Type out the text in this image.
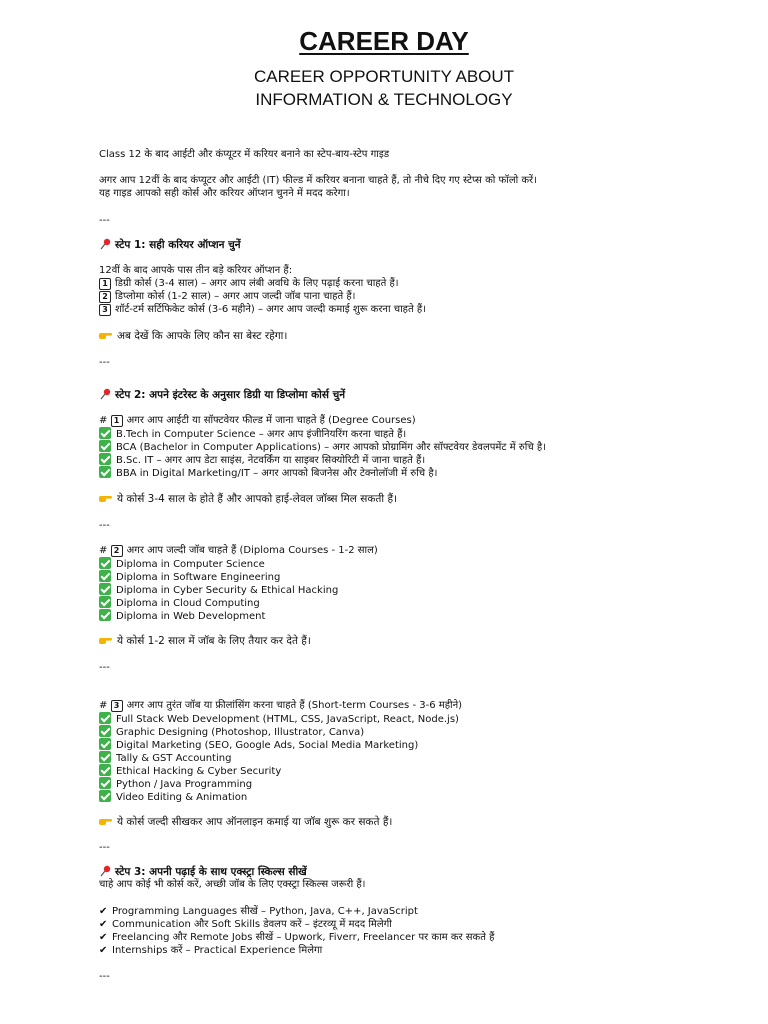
CAREER DAY
CAREER OPPORTUNITY ABOUT
INFORMATION & TECHNOLOGY
Class 12 के बाद आईटी और कंप्यूटर में करियर बनाने का स्टेप-बाय-स्टेप गाइड
अगर आप 12वीं के बाद कंप्यूटर और आईटी (IT) फील्ड में करियर बनाना चाहते हैं, तो नीचे दिए गए स्टेप्स को फॉलो करें।
यह गाइड आपको सही कोर्स और करियर ऑप्शन चुनने में मदद करेगा।
---
स्टेप 1: सही करियर ऑप्शन चुनें
12वीं के बाद आपके पास तीन बड़े करियर ऑप्शन हैं:
1 डिग्री कोर्स (3-4 साल) – अगर आप लंबी अवधि के लिए पढ़ाई करना चाहते हैं।
2 डिप्लोमा कोर्स (1-2 साल) – अगर आप जल्दी जॉब पाना चाहते हैं।
3 शॉर्ट-टर्म सर्टिफिकेट कोर्स (3-6 महीने) – अगर आप जल्दी कमाई शुरू करना चाहते हैं।
अब देखें कि आपके लिए कौन सा बेस्ट रहेगा।
---
स्टेप 2: अपने इंटरेस्ट के अनुसार डिग्री या डिप्लोमा कोर्स चुनें
# 1 अगर आप आईटी या सॉफ्टवेयर फील्ड में जाना चाहते हैं (Degree Courses)
B.Tech in Computer Science – अगर आप इंजीनियरिंग करना चाहते हैं।
BCA (Bachelor in Computer Applications) – अगर आपको प्रोग्रामिंग और सॉफ्टवेयर डेवलपमेंट में रुचि है।
B.Sc. IT – अगर आप डेटा साइंस, नेटवर्किंग या साइबर सिक्योरिटी में जाना चाहते हैं।
BBA in Digital Marketing/IT – अगर आपको बिजनेस और टेक्नोलॉजी में रुचि है।
ये कोर्स 3-4 साल के होते हैं और आपको हाई-लेवल जॉब्स मिल सकती हैं।
---
# 2 अगर आप जल्दी जॉब चाहते हैं (Diploma Courses - 1-2 साल)
Diploma in Computer Science
Diploma in Software Engineering
Diploma in Cyber Security & Ethical Hacking
Diploma in Cloud Computing
Diploma in Web Development
ये कोर्स 1-2 साल में जॉब के लिए तैयार कर देते हैं।
---
# 3 अगर आप तुरंत जॉब या फ्रीलांसिंग करना चाहते हैं (Short-term Courses - 3-6 महीने)
Full Stack Web Development (HTML, CSS, JavaScript, React, Node.js)
Graphic Designing (Photoshop, Illustrator, Canva)
Digital Marketing (SEO, Google Ads, Social Media Marketing)
Tally & GST Accounting
Ethical Hacking & Cyber Security
Python / Java Programming
Video Editing & Animation
ये कोर्स जल्दी सीखकर आप ऑनलाइन कमाई या जॉब शुरू कर सकते हैं।
---
स्टेप 3: अपनी पढ़ाई के साथ एक्स्ट्रा स्किल्स सीखें
चाहे आप कोई भी कोर्स करें, अच्छी जॉब के लिए एक्स्ट्रा स्किल्स जरूरी हैं।
✔ Programming Languages सीखें – Python, Java, C++, JavaScript
✔ Communication और Soft Skills डेवलप करें – इंटरव्यू में मदद मिलेगी
✔ Freelancing और Remote Jobs सीखें – Upwork, Fiverr, Freelancer पर काम कर सकते हैं
✔ Internships करें – Practical Experience मिलेगा
---
